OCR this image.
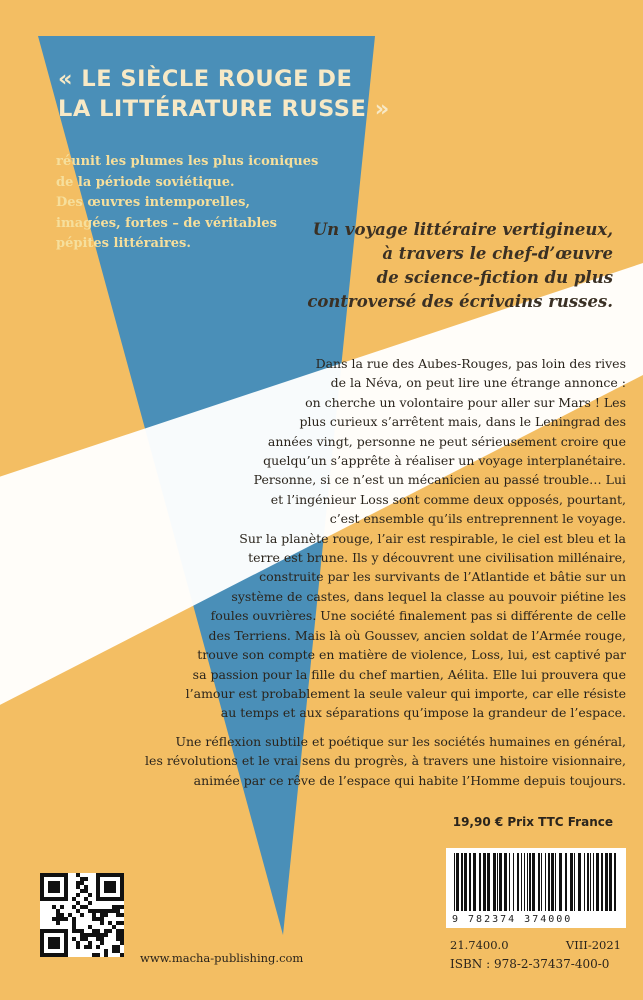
« LE SIÈCLE ROUGE DE
LA LITTÉRATURE RUSSE »
réunit les plumes les plus iconiques
de la période soviétique.
Des œuvres intemporelles,
imagées, fortes – de véritables
pépites littéraires.
Un voyage littéraire vertigineux,
à travers le chef-d’œuvre
de science-fiction du plus
controversé des écrivains russes.
Dans la rue des Aubes-Rouges, pas loin des rives
de la Néva, on peut lire une étrange annonce :
on cherche un volontaire pour aller sur Mars ! Les
plus curieux s’arrêtent mais, dans le Leningrad des
années vingt, personne ne peut sérieusement croire que
quelqu’un s’apprête à réaliser un voyage interplanétaire.
Personne, si ce n’est un mécanicien au passé trouble… Lui
et l’ingénieur Loss sont comme deux opposés, pourtant,
c’est ensemble qu’ils entreprennent le voyage.
Sur la planète rouge, l’air est respirable, le ciel est bleu et la
terre est brune. Ils y découvrent une civilisation millénaire,
construite par les survivants de l’Atlantide et bâtie sur un
système de castes, dans lequel la classe au pouvoir piétine les
foules ouvrières. Une société finalement pas si différente de celle
des Terriens. Mais là où Goussev, ancien soldat de l’Armée rouge,
trouve son compte en matière de violence, Loss, lui, est captivé par
sa passion pour la fille du chef martien, Aélita. Elle lui prouvera que
l’amour est probablement la seule valeur qui importe, car elle résiste
au temps et aux séparations qu’impose la grandeur de l’espace.
Une réflexion subtile et poétique sur les sociétés humaines en général,
les révolutions et le vrai sens du progrès, à travers une histoire visionnaire,
animée par ce rêve de l’espace qui habite l’Homme depuis toujours.
19,90 € Prix TTC France
www.macha-publishing.com
9 782374 374000
21.7400.0	VIII-2021
ISBN : 978-2-37437-400-0
